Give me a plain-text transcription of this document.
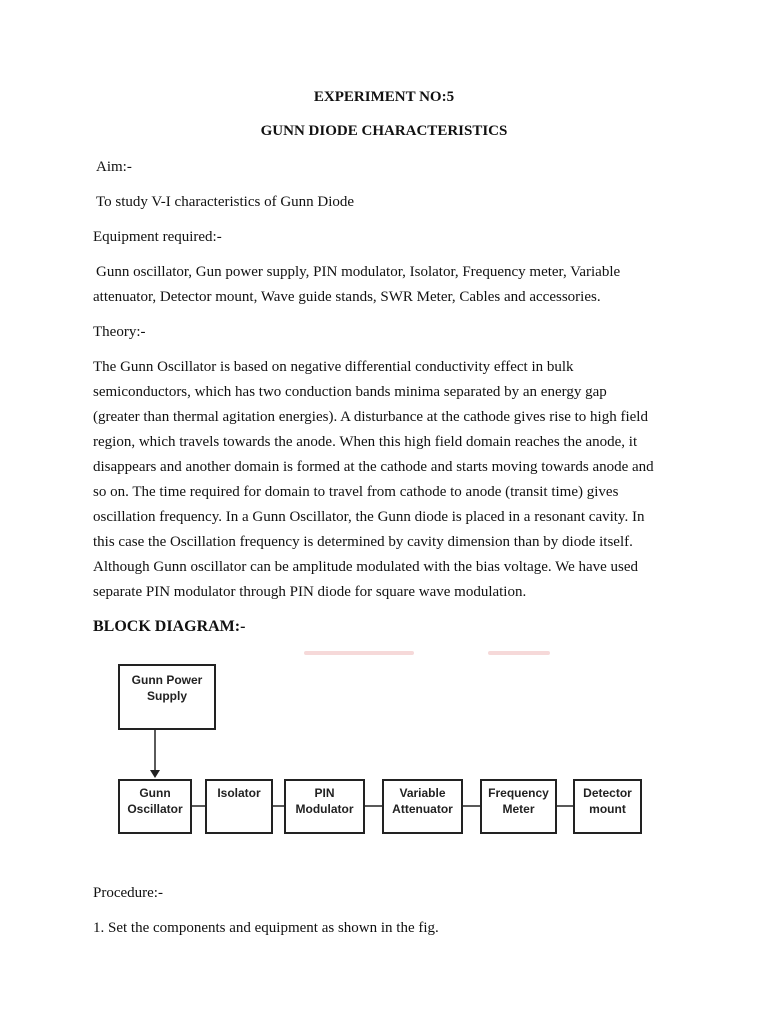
EXPERIMENT NO:5
GUNN DIODE CHARACTERISTICS
Aim:-
To study V-I characteristics of Gunn Diode
Equipment required:-
Gunn oscillator, Gun power supply, PIN modulator, Isolator, Frequency meter, Variable
attenuator, Detector mount, Wave guide stands, SWR Meter, Cables and accessories.
Theory:-
The Gunn Oscillator is based on negative differential conductivity effect in bulk
semiconductors, which has two conduction bands minima separated by an energy gap
(greater than thermal agitation energies). A disturbance at the cathode gives rise to high field
region, which travels towards the anode. When this high field domain reaches the anode, it
disappears and another domain is formed at the cathode and starts moving towards anode and
so on. The time required for domain to travel from cathode to anode (transit time) gives
oscillation frequency. In a Gunn Oscillator, the Gunn diode is placed in a resonant cavity. In
this case the Oscillation frequency is determined by cavity dimension than by diode itself.
Although Gunn oscillator can be amplitude modulated with the bias voltage. We have used
separate PIN modulator through PIN diode for square wave modulation.
BLOCK DIAGRAM:-
Gunn Power
Supply
Gunn
Oscillator
Isolator	PIN
Modulator
Variable
Attenuator
Frequency
Meter
Detector
mount
Procedure:-
1. Set the components and equipment as shown in the fig.
